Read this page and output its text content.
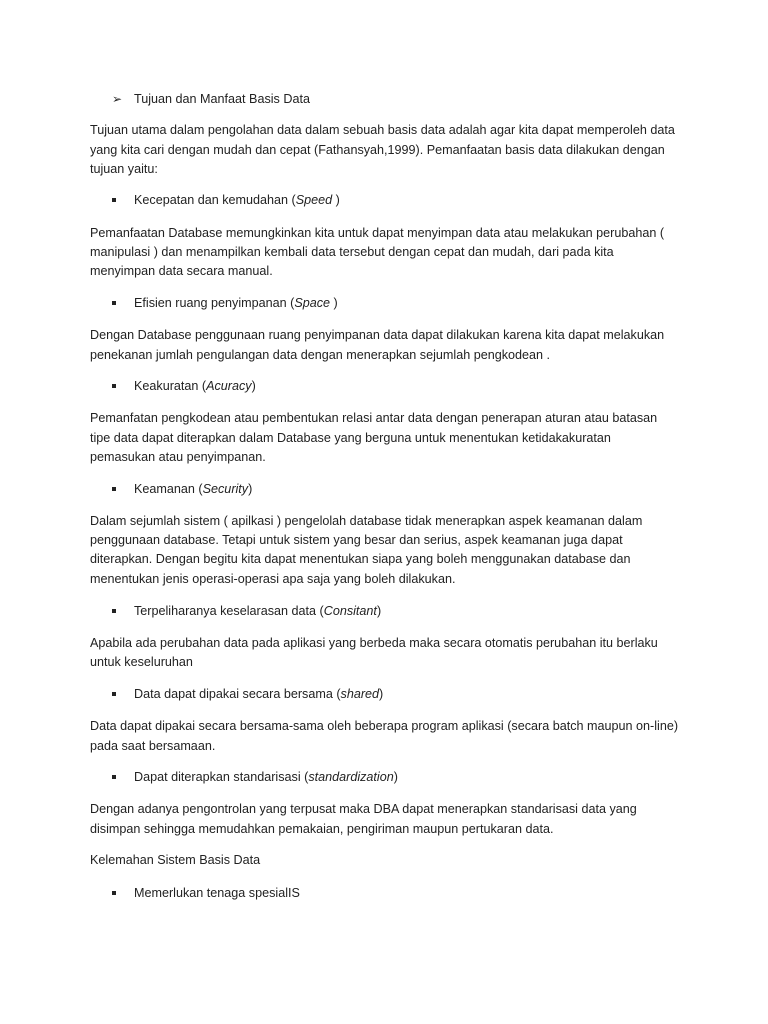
➢ Tujuan dan Manfaat Basis Data
Tujuan utama dalam pengolahan data dalam sebuah basis data adalah agar kita dapat memperoleh data
yang kita cari dengan mudah dan cepat (Fathansyah,1999). Pemanfaatan basis data dilakukan dengan
tujuan yaitu:
Kecepatan dan kemudahan (Speed )
Pemanfaatan Database memungkinkan kita untuk dapat menyimpan data atau melakukan perubahan (
manipulasi ) dan menampilkan kembali data tersebut dengan cepat dan mudah, dari pada kita
menyimpan data secara manual.
Efisien ruang penyimpanan (Space )
Dengan Database penggunaan ruang penyimpanan data dapat dilakukan karena kita dapat melakukan
penekanan jumlah pengulangan data dengan menerapkan sejumlah pengkodean .
Keakuratan (Acuracy)
Pemanfatan pengkodean atau pembentukan relasi antar data dengan penerapan aturan atau batasan
tipe data dapat diterapkan dalam Database yang berguna untuk menentukan ketidakakuratan
pemasukan atau penyimpanan.
Keamanan (Security)
Dalam sejumlah sistem ( apilkasi ) pengelolah database tidak menerapkan aspek keamanan dalam
penggunaan database. Tetapi untuk sistem yang besar dan serius, aspek keamanan juga dapat
diterapkan. Dengan begitu kita dapat menentukan siapa yang boleh menggunakan database dan
menentukan jenis operasi-operasi apa saja yang boleh dilakukan.
Terpeliharanya keselarasan data (Consitant)
Apabila ada perubahan data pada aplikasi yang berbeda maka secara otomatis perubahan itu berlaku
untuk keseluruhan
Data dapat dipakai secara bersama (shared)
Data dapat dipakai secara bersama-sama oleh beberapa program aplikasi (secara batch maupun on-line)
pada saat bersamaan.
Dapat diterapkan standarisasi (standardization)
Dengan adanya pengontrolan yang terpusat maka DBA dapat menerapkan standarisasi data yang
disimpan sehingga memudahkan pemakaian, pengiriman maupun pertukaran data.
Kelemahan Sistem Basis Data
Memerlukan tenaga spesialIS
